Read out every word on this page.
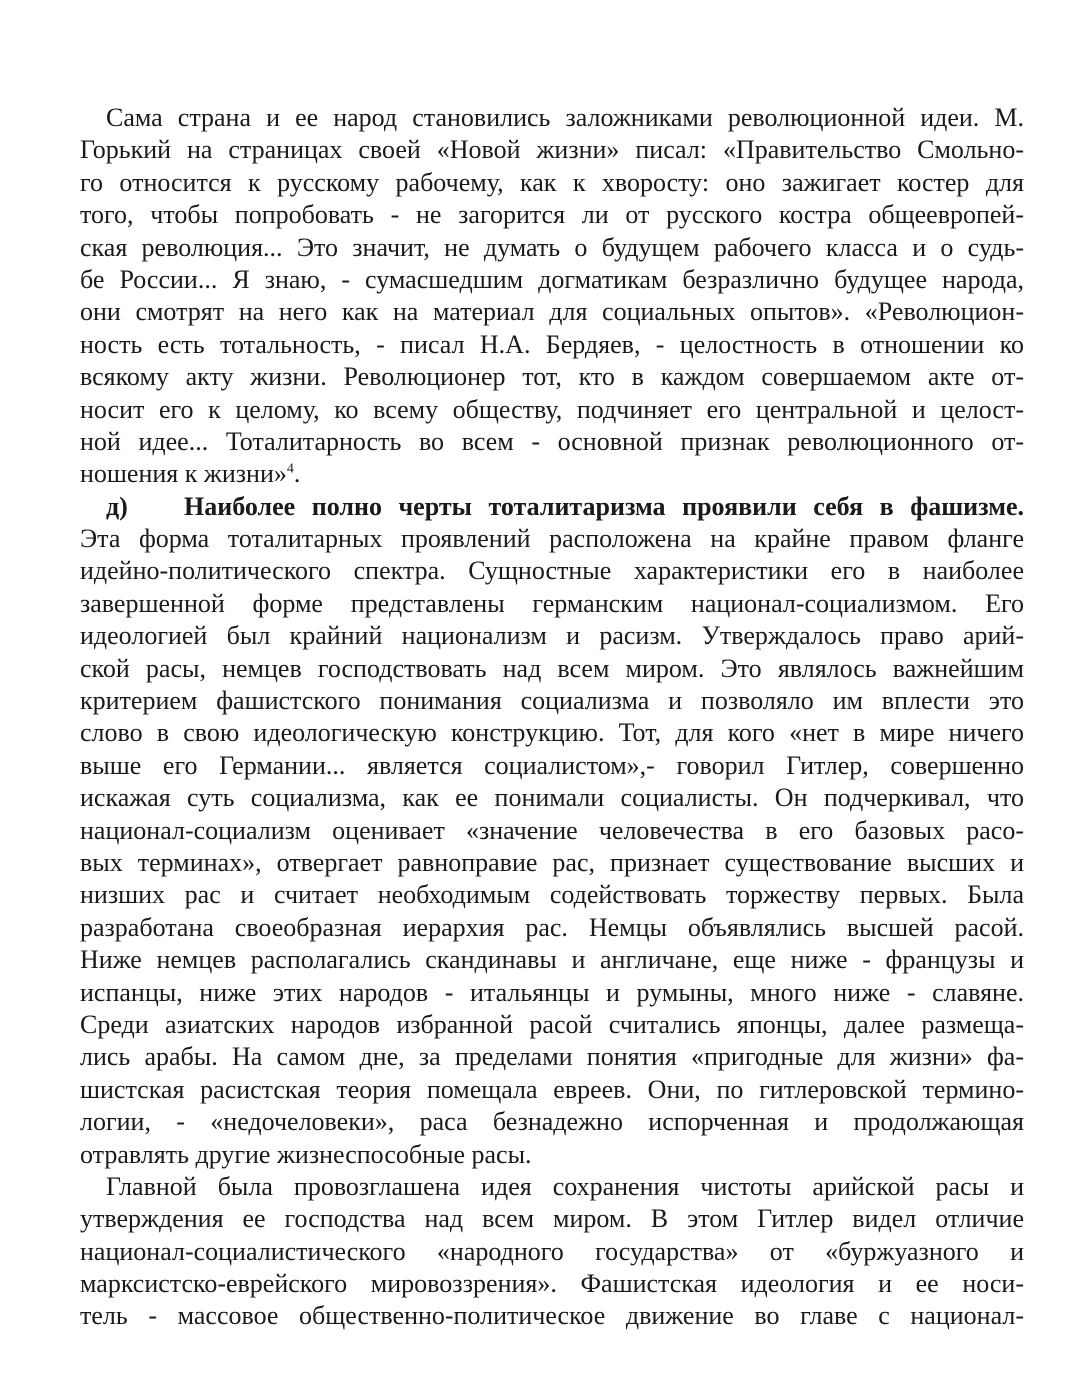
Сама страна и ее народ становились заложниками революционной идеи. М.
Горький на страницах своей «Новой жизни» писал: «Правительство Смольно-
го относится к русскому рабочему, как к хворосту: оно зажигает костер для
того, чтобы попробовать - не загорится ли от русского костра общеевропей-
ская революция... Это значит, не думать о будущем рабочего класса и о судь-
бе России... Я знаю, - сумасшедшим догматикам безразлично будущее народа,
они смотрят на него как на материал для социальных опытов». «Революцион-
ность есть тотальность, - писал Н.А. Бердяев, - целостность в отношении ко
всякому акту жизни. Революционер тот, кто в каждом совершаемом акте от-
носит его к целому, ко всему обществу, подчиняет его центральной и целост-
ной идее... Тоталитарность во всем - основной признак революционного от-
ношения к жизни»$^4$.
д)	Наиболее полно черты тоталитаризма проявили себя в фашизме.
Эта форма тоталитарных проявлений расположена на крайне правом фланге
идейно-политического спектра. Сущностные характеристики его в наиболее
завершенной форме представлены германским национал-социализмом. Его
идеологией был крайний национализм и расизм. Утверждалось право арий-
ской расы, немцев господствовать над всем миром. Это являлось важнейшим
критерием фашистского понимания социализма и позволяло им вплести это
слово в свою идеологическую конструкцию. Тот, для кого «нет в мире ничего
выше его Германии... является социалистом»,- говорил Гитлер, совершенно
искажая суть социализма, как ее понимали социалисты. Он подчеркивал, что
национал-социализм оценивает «значение человечества в его базовых расо-
вых терминах», отвергает равноправие рас, признает существование высших и
низших рас и считает необходимым содействовать торжеству первых. Была
разработана своеобразная иерархия рас. Немцы объявлялись высшей расой.
Ниже немцев располагались скандинавы и англичане, еще ниже - французы и
испанцы, ниже этих народов - итальянцы и румыны, много ниже - славяне.
Среди азиатских народов избранной расой считались японцы, далее размеща-
лись арабы. На самом дне, за пределами понятия «пригодные для жизни» фа-
шистская расистская теория помещала евреев. Они, по гитлеровской термино-
логии, - «недочеловеки», раса безнадежно испорченная и продолжающая
отравлять другие жизнеспособные расы.
Главной была провозглашена идея сохранения чистоты арийской расы и
утверждения ее господства над всем миром. В этом Гитлер видел отличие
национал-социалистического «народного государства» от «буржуазного и
марксистско-еврейского мировоззрения». Фашистская идеология и ее носи-
тель - массовое общественно-политическое движение во главе с национал-
